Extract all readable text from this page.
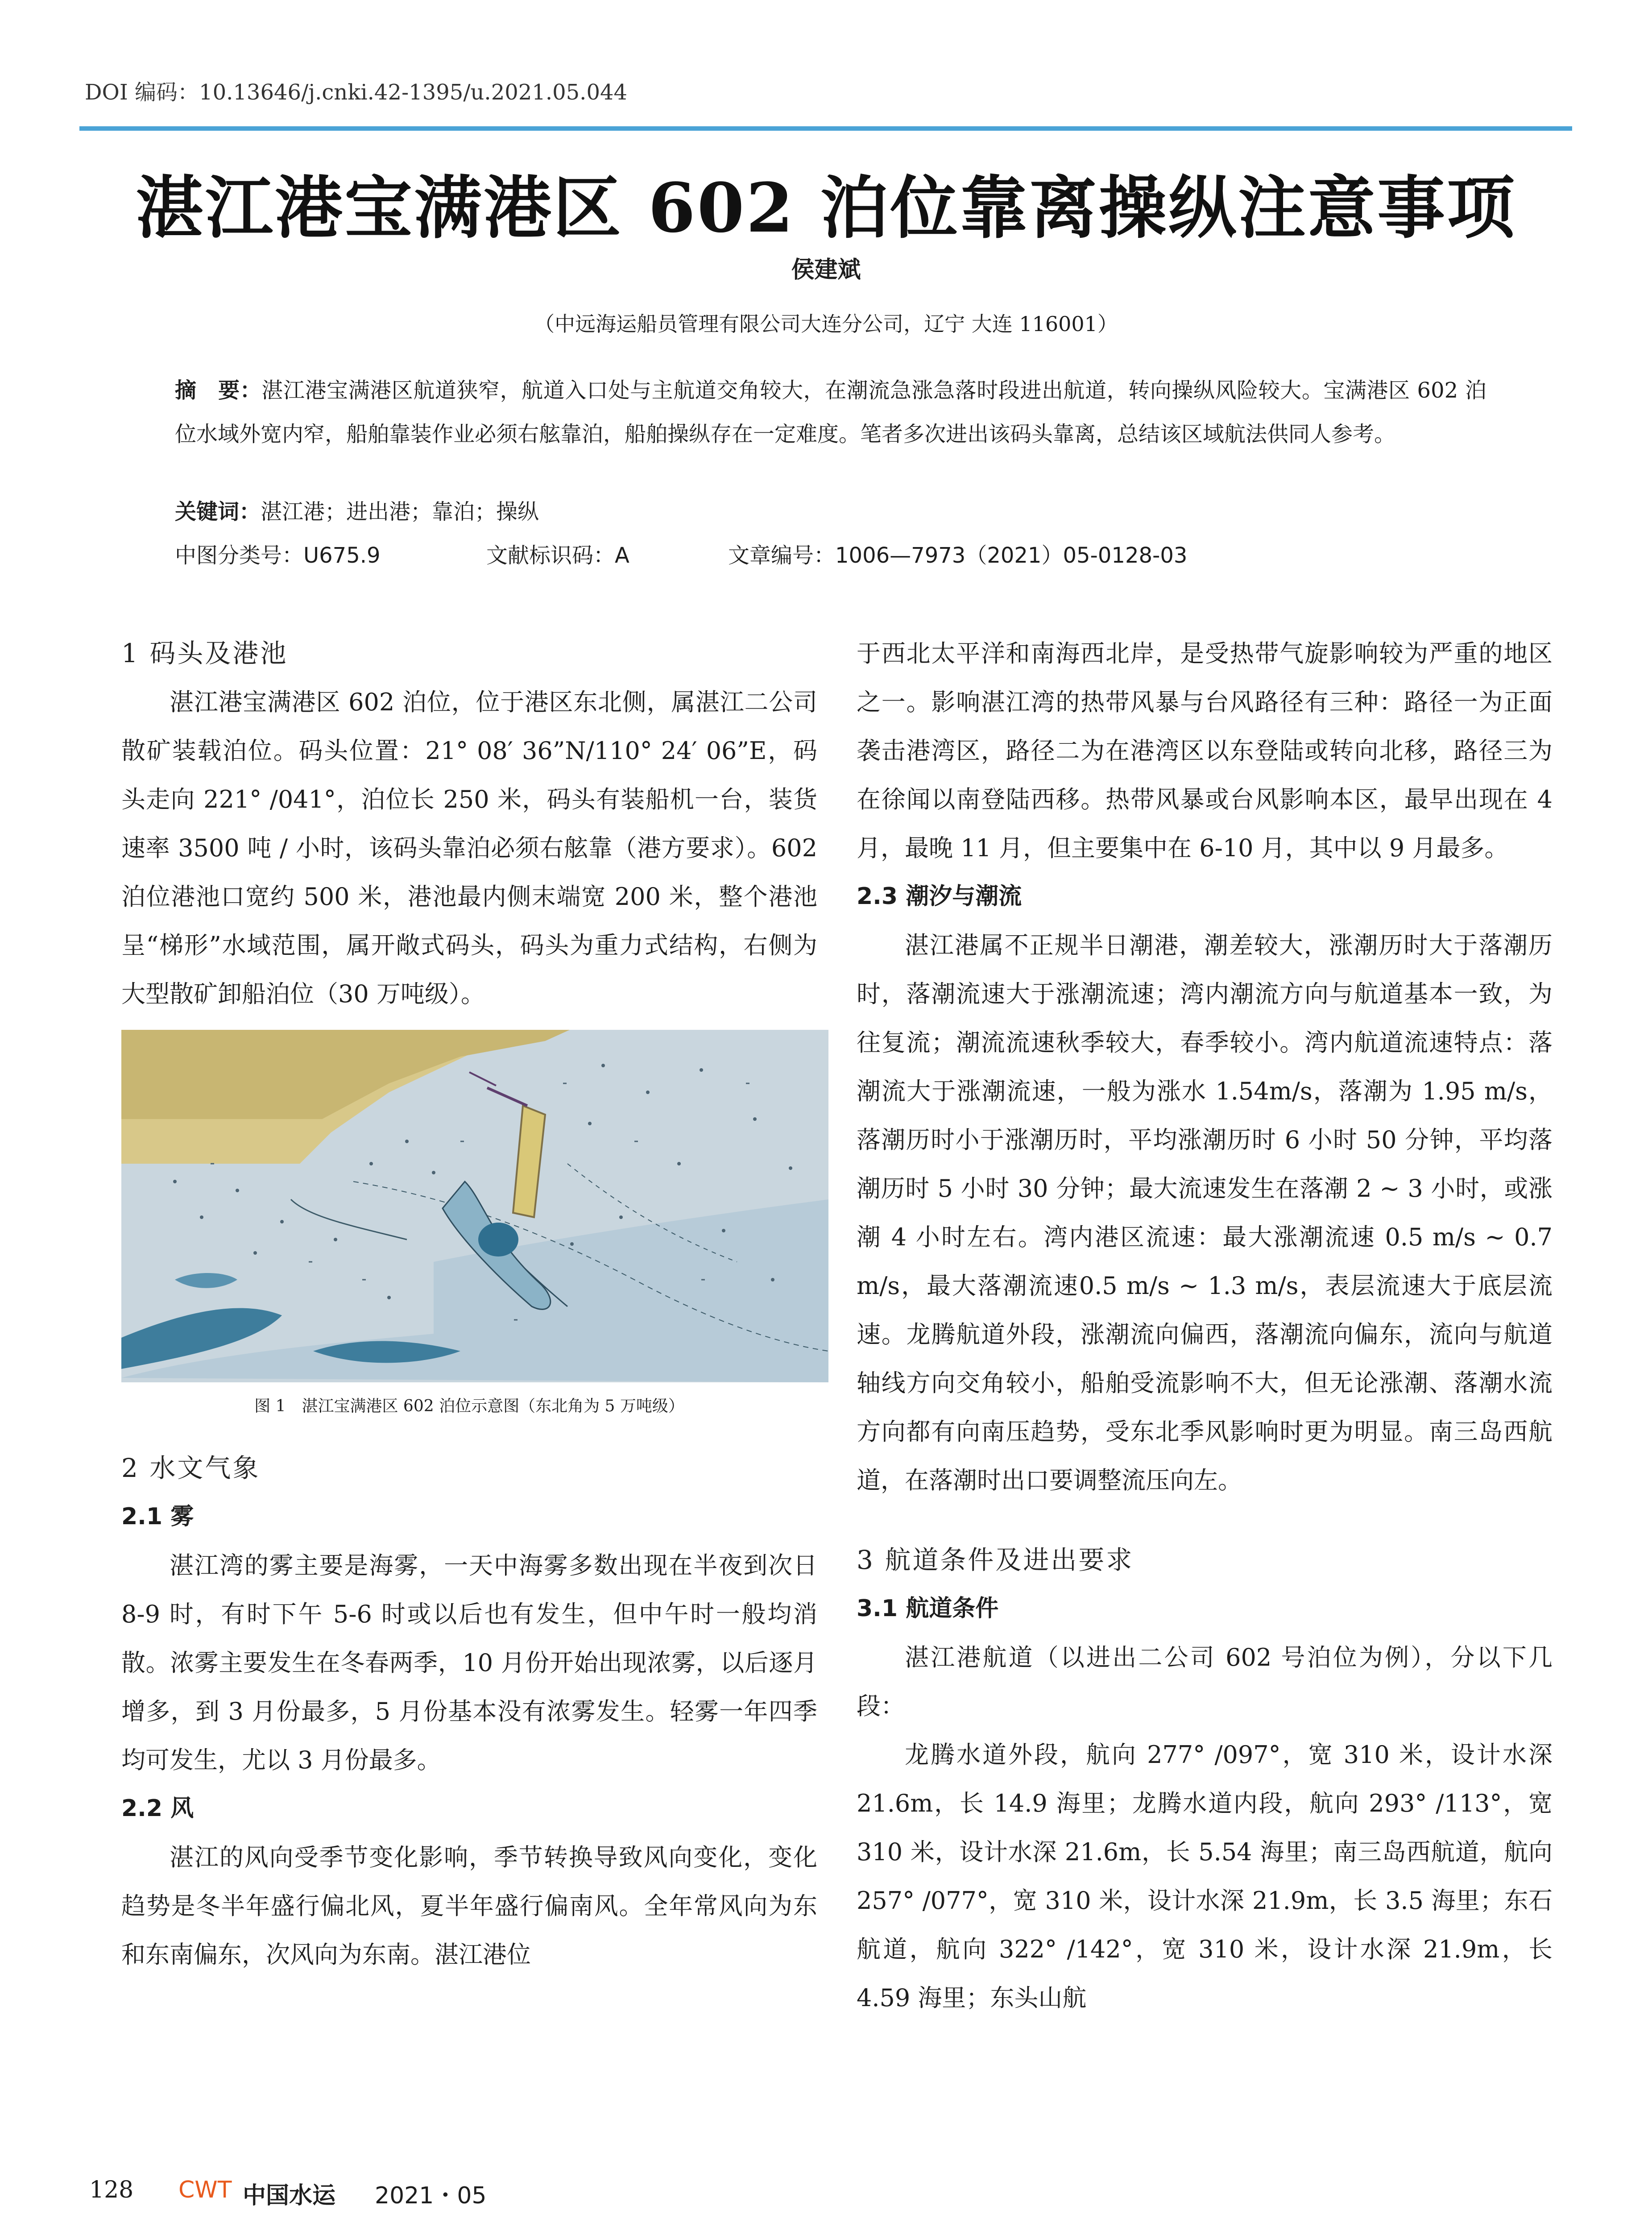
DOI 编码：10.13646/j.cnki.42-1395/u.2021.05.044
湛江港宝满港区 602 泊位靠离操纵注意事项
侯建斌
（中远海运船员管理有限公司大连分公司，辽宁 大连 116001）
摘　要：湛江港宝满港区航道狭窄，航道入口处与主航道交角较大，在潮流急涨急落时段进出航道，转向操纵风险较大。宝满港区 602 泊位水域外宽内窄，船舶靠装作业必须右舷靠泊，船舶操纵存在一定难度。笔者多次进出该码头靠离，总结该区域航法供同人参考。
关键词：湛江港；进出港；靠泊；操纵
中图分类号：U675.9	文献标识码：A	文章编号：1006—7973（2021）05-0128-03

1 码头及港池

湛江港宝满港区 602 泊位，位于港区东北侧，属湛江二公司散矿装载泊位。码头位置：21° 08′ 36”N/110° 24′ 06”E，码头走向 221° /041°，泊位长 250 米，码头有装船机一台，装货速率 3500 吨 / 小时，该码头靠泊必须右舷靠（港方要求）。602 泊位港池口宽约 500 米，港池最内侧末端宽 200 米，整个港池呈“梯形”水域范围，属开敞式码头，码头为重力式结构，右侧为大型散矿卸船泊位（30 万吨级）。

图 1　湛江宝满港区 602 泊位示意图（东北角为 5 万吨级）

2 水文气象

2.1 雾

湛江湾的雾主要是海雾，一天中海雾多数出现在半夜到次日 8-9 时，有时下午 5-6 时或以后也有发生，但中午时一般均消散。浓雾主要发生在冬春两季，10 月份开始出现浓雾，以后逐月增多，到 3 月份最多，5 月份基本没有浓雾发生。轻雾一年四季均可发生，尤以 3 月份最多。

2.2 风

湛江的风向受季节变化影响，季节转换导致风向变化，变化趋势是冬半年盛行偏北风，夏半年盛行偏南风。全年常风向为东和东南偏东，次风向为东南。湛江港位

于西北太平洋和南海西北岸，是受热带气旋影响较为严重的地区之一。影响湛江湾的热带风暴与台风路径有三种：路径一为正面袭击港湾区，路径二为在港湾区以东登陆或转向北移，路径三为在徐闻以南登陆西移。热带风暴或台风影响本区，最早出现在 4 月，最晚 11 月，但主要集中在 6-10 月，其中以 9 月最多。

2.3 潮汐与潮流

湛江港属不正规半日潮港，潮差较大，涨潮历时大于落潮历时，落潮流速大于涨潮流速；湾内潮流方向与航道基本一致，为往复流；潮流流速秋季较大，春季较小。湾内航道流速特点：落潮流大于涨潮流速，一般为涨水 1.54m/s，落潮为 1.95 m/s，落潮历时小于涨潮历时，平均涨潮历时 6 小时 50 分钟，平均落潮历时 5 小时 30 分钟；最大流速发生在落潮 2 ~ 3 小时，或涨潮 4 小时左右。湾内港区流速：最大涨潮流速 0.5 m/s ~ 0.7 m/s，最大落潮流速0.5 m/s ~ 1.3 m/s，表层流速大于底层流速。龙腾航道外段，涨潮流向偏西，落潮流向偏东，流向与航道轴线方向交角较小，船舶受流影响不大，但无论涨潮、落潮水流方向都有向南压趋势，受东北季风影响时更为明显。南三岛西航道，在落潮时出口要调整流压向左。

3 航道条件及进出要求

3.1 航道条件

湛江港航道（以进出二公司 602 号泊位为例），分以下几段：

龙腾水道外段，航向 277° /097°，宽 310 米，设计水深 21.6m，长 14.9 海里；龙腾水道内段，航向 293° /113°，宽 310 米，设计水深 21.6m，长 5.54 海里；南三岛西航道，航向 257° /077°，宽 310 米，设计水深 21.9m，长 3.5 海里；东石航道，航向 322° /142°，宽 310 米，设计水深 21.9m，长 4.59 海里；东头山航

128 CWT 中国水运 2021・05
